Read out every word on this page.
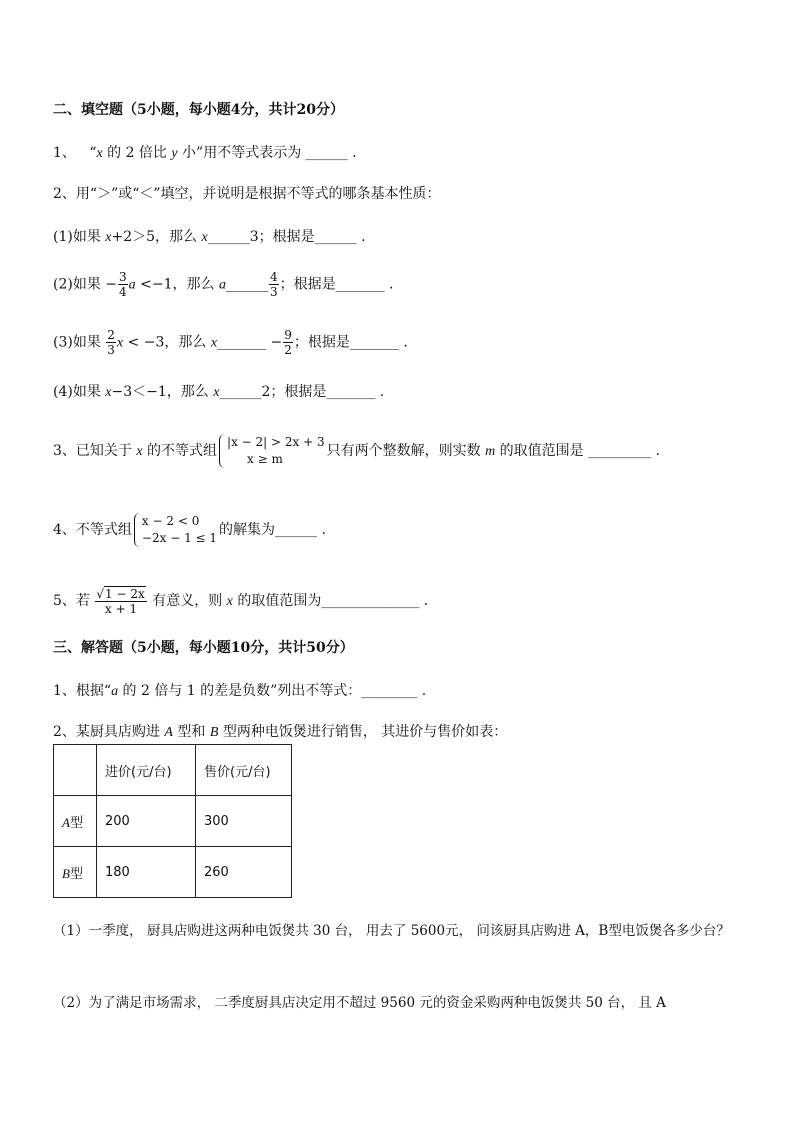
二、填空题（5小题，每小题4分，共计20分）
1、 “x 的 2 倍比 y 小”用不等式表示为 ______ .
2、用“＞”或“＜”填空，并说明是根据不等式的哪条基本性质：
(1)如果 x+2＞5，那么 x______3；根据是______ .
(2)如果 − $\frac{3}{4}$ a <−1，那么 a______ $\frac{4}{3}$ ；根据是_______ .
(3)如果 $\frac{2}{3}$ x < −3，那么 x_______ − $\frac{9}{2}$ ；根据是_______ .
(4)如果 x−3＜−1，那么 x______2；根据是_______ .
3、已知关于 x 的不等式组
|x − 2| > 2x + 3
x ≥ m	只有两个整数解，则实数 m 的取值范围是 _________ .
4、不等式组
x − 2 < 0
−2x − 1 ≤ 1 的解集为______ .
5、若 $\frac{√1 - 2x}{x + 1}$ 有意义，则 x 的取值范围为______________ .
三、解答题（5小题，每小题10分，共计50分）
1、根据“a 的 2 倍与 1 的差是负数”列出不等式：________ .
2、某厨具店购进 A 型和 B 型两种电饭煲进行销售， 其进价与售价如表：
	进价(元/台)	售价(元/台)
A型	200	300
B型	180	260
（1）一季度， 厨具店购进这两种电饭煲共 30 台， 用去了 5600元， 问该厨具店购进 A，B型电饭煲各多少台？
（2）为了满足市场需求， 二季度厨具店决定用不超过 9560 元的资金采购两种电饭煲共 50 台， 且 A
